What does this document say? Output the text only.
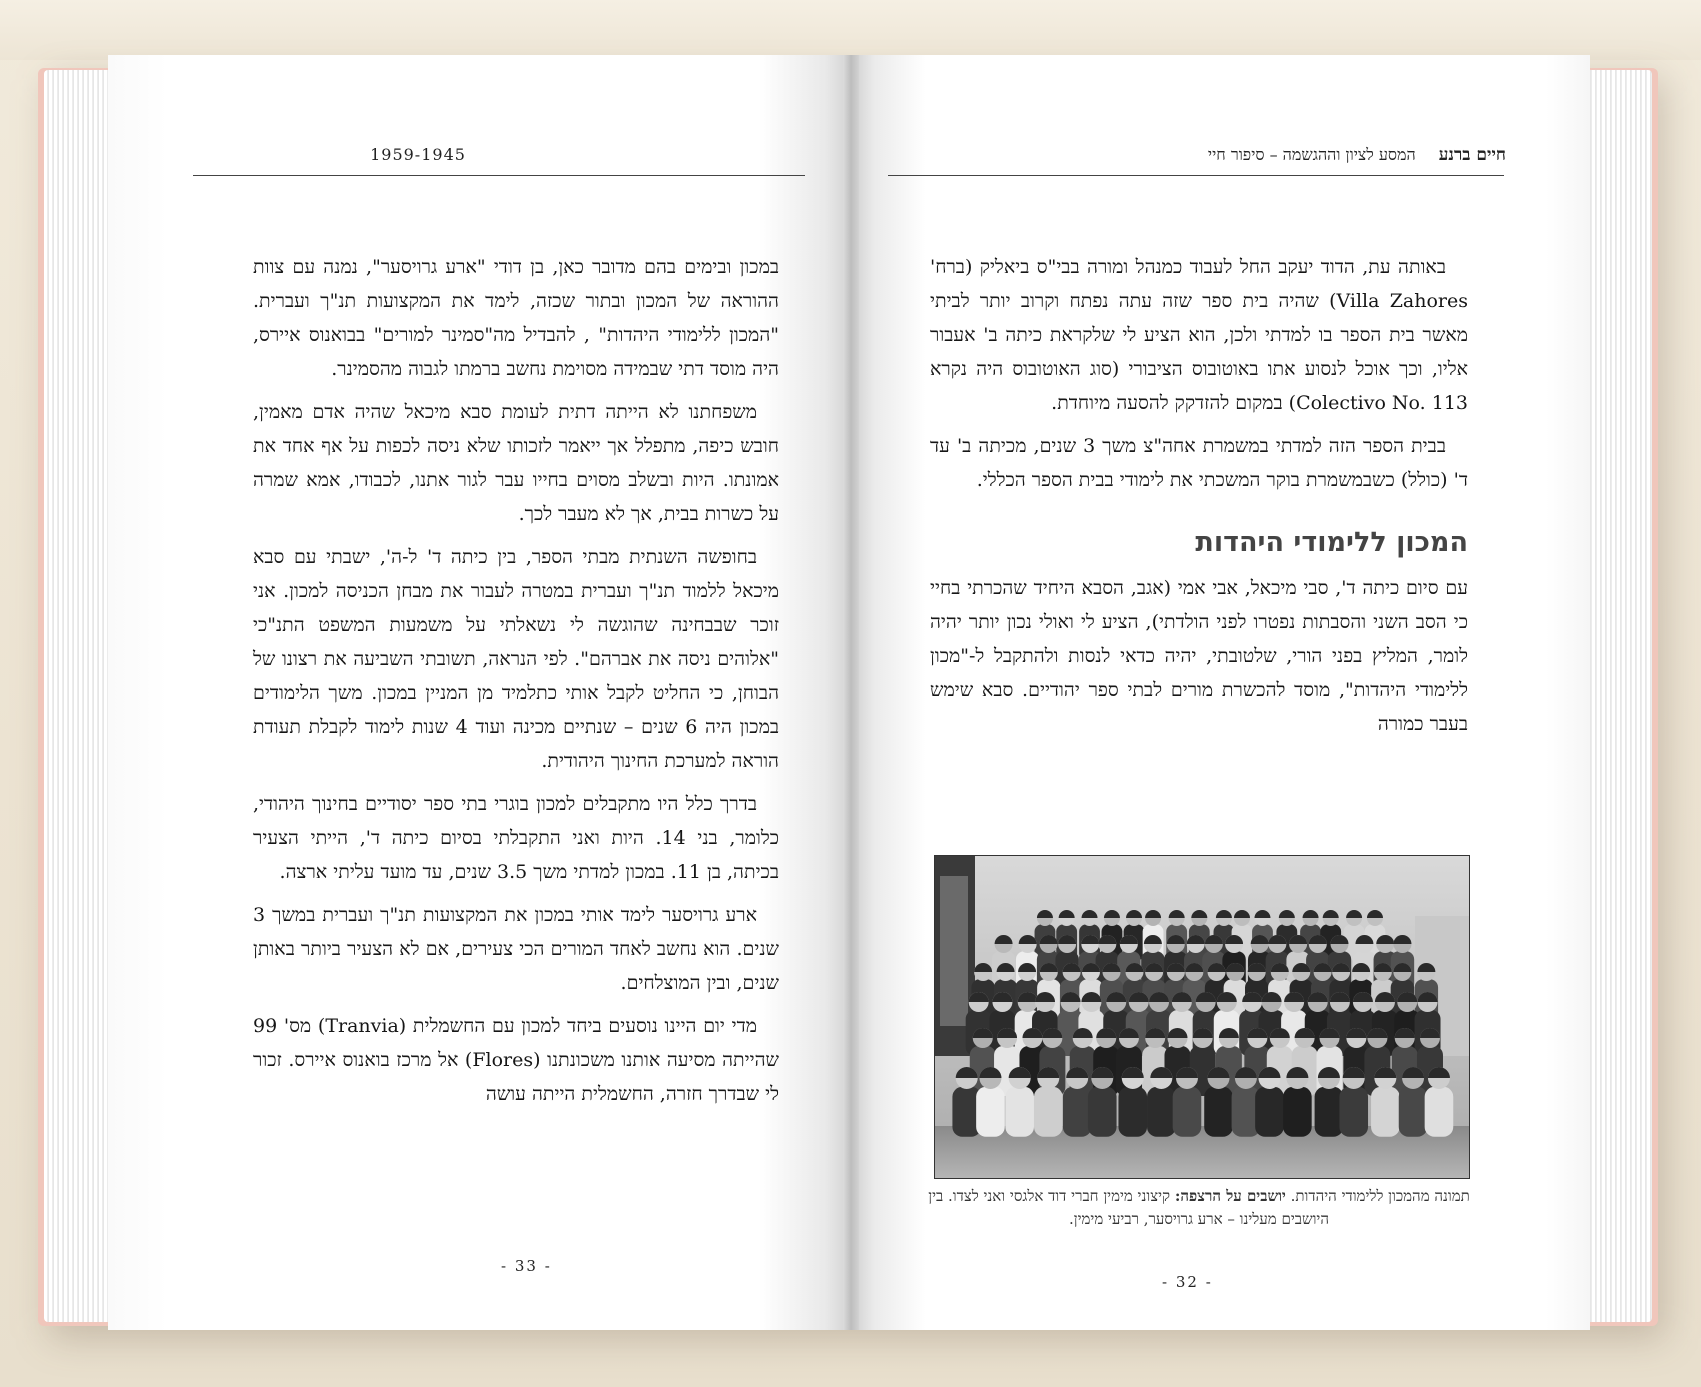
1959-1945

במכון ובימים בהם מדובר כאן, בן דודי "ארע גרויסער", נמנה עם צוות ההוראה של המכון ובתור שכזה, לימד את המקצועות תנ"ך ועברית. "המכון ללימודי היהדות" , להבדיל מה"סמינר למורים" בבואנוס איירס, היה מוסד דתי שבמידה מסוימת נחשב ברמתו לגבוה מהסמינר.

משפחתנו לא הייתה דתית לעומת סבא מיכאל שהיה אדם מאמין, חובש כיפה, מתפלל אך ייאמר לזכותו שלא ניסה לכפות על אף אחד את אמונתו. היות ובשלב מסוים בחייו עבר לגור אתנו, לכבודו, אמא שמרה על כשרות בבית, אך לא מעבר לכך.

בחופשה השנתית מבתי הספר, בין כיתה ד' ל-ה', ישבתי עם סבא מיכאל ללמוד תנ"ך ועברית במטרה לעבור את מבחן הכניסה למכון. אני זוכר שבבחינה שהוגשה לי נשאלתי על משמעות המשפט התנ"כי "אלוהים ניסה את אברהם". לפי הנראה, תשובתי השביעה את רצונו של הבוחן, כי החליט לקבל אותי כתלמיד מן המניין במכון. משך הלימודים במכון היה 6 שנים – שנתיים מכינה ועוד 4 שנות לימוד לקבלת תעודת הוראה למערכת החינוך היהודית.

בדרך כלל היו מתקבלים למכון בוגרי בתי ספר יסודיים בחינוך היהודי, כלומר, בני 14. היות ואני התקבלתי בסיום כיתה ד', הייתי הצעיר בכיתה, בן 11. במכון למדתי משך 3.5 שנים, עד מועד עליתי ארצה.

ארע גרויסער לימד אותי במכון את המקצועות תנ"ך ועברית במשך 3 שנים. הוא נחשב לאחד המורים הכי צעירים, אם לא הצעיר ביותר באותן שנים, ובין המוצלחים.

מדי יום היינו נוסעים ביחד למכון עם החשמלית (Tranvia) מס' 99 שהייתה מסיעה אותנו משכונתנו (Flores) אל מרכז בואנוס איירס. זכור לי שבדרך חזרה, החשמלית הייתה עושה

- 33 -
חיים ברנע המסע לציון וההגשמה – סיפור חיי

באותה עת, הדוד יעקב החל לעבוד כמנהל ומורה בבי"ס ביאליק (ברח' Villa Zahores) שהיה בית ספר שזה עתה נפתח וקרוב יותר לביתי מאשר בית הספר בו למדתי ולכן, הוא הציע לי שלקראת כיתה ב' אעבור אליו, וכך אוכל לנסוע אתו באוטובוס הציבורי (סוג האוטובוס היה נקרא Colectivo No. 113) במקום להזדקק להסעה מיוחדת.

בבית הספר הזה למדתי במשמרת אחה"צ משך 3 שנים, מכיתה ב' עד ד' (כולל) כשבמשמרת בוקר המשכתי את לימודי בבית הספר הכללי.

המכון ללימודי היהדות

עם סיום כיתה ד', סבי מיכאל, אבי אמי (אגב, הסבא היחיד שהכרתי בחיי כי הסב השני והסבתות נפטרו לפני הולדתי), הציע לי ואולי נכון יותר יהיה לומר, המליץ בפני הורי, שלטובתי, יהיה כדאי לנסות ולהתקבל ל-"מכון ללימודי היהדות", מוסד להכשרת מורים לבתי ספר יהודיים. סבא שימש בעבר כמורה

תמונה מהמכון ללימודי היהדות. יושבים על הרצפה: קיצוני מימין חברי דוד אלגסי ואני לצדו. בין היושבים מעלינו – ארע גרויסער, רביעי מימין.
- 32 -
